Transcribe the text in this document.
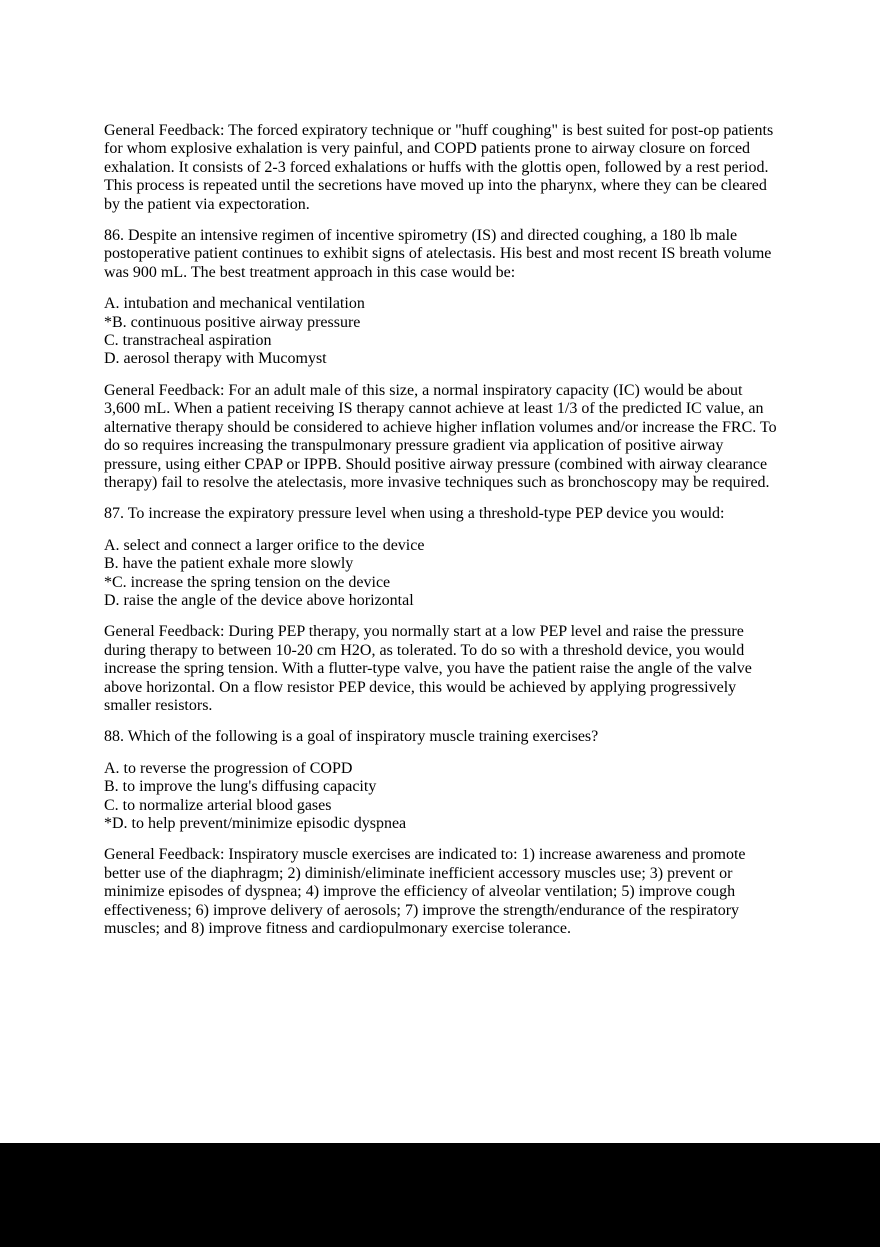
General Feedback: The forced expiratory technique or "huff coughing" is best suited for post-op patients for whom explosive exhalation is very painful, and COPD patients prone to airway closure on forced exhalation. It consists of 2-3 forced exhalations or huffs with the glottis open, followed by a rest period. This process is repeated until the secretions have moved up into the pharynx, where they can be cleared by the patient via expectoration.

86. Despite an intensive regimen of incentive spirometry (IS) and directed coughing, a 180 lb male postoperative patient continues to exhibit signs of atelectasis. His best and most recent IS breath volume was 900 mL. The best treatment approach in this case would be:

A. intubation and mechanical ventilation
*B. continuous positive airway pressure
C. transtracheal aspiration
D. aerosol therapy with Mucomyst

General Feedback: For an adult male of this size, a normal inspiratory capacity (IC) would be about 3,600 mL. When a patient receiving IS therapy cannot achieve at least 1/3 of the predicted IC value, an alternative therapy should be considered to achieve higher inflation volumes and/or increase the FRC. To do so requires increasing the transpulmonary pressure gradient via application of positive airway pressure, using either CPAP or IPPB. Should positive airway pressure (combined with airway clearance therapy) fail to resolve the atelectasis, more invasive techniques such as bronchoscopy may be required.

87. To increase the expiratory pressure level when using a threshold-type PEP device you would:

A. select and connect a larger orifice to the device
B. have the patient exhale more slowly
*C. increase the spring tension on the device
D. raise the angle of the device above horizontal

General Feedback: During PEP therapy, you normally start at a low PEP level and raise the pressure during therapy to between 10-20 cm H2O, as tolerated. To do so with a threshold device, you would increase the spring tension. With a flutter-type valve, you have the patient raise the angle of the valve above horizontal. On a flow resistor PEP device, this would be achieved by applying progressively smaller resistors.

88. Which of the following is a goal of inspiratory muscle training exercises?

A. to reverse the progression of COPD
B. to improve the lung's diffusing capacity
C. to normalize arterial blood gases
*D. to help prevent/minimize episodic dyspnea

General Feedback: Inspiratory muscle exercises are indicated to: 1) increase awareness and promote better use of the diaphragm; 2) diminish/eliminate inefficient accessory muscles use; 3) prevent or minimize episodes of dyspnea; 4) improve the efficiency of alveolar ventilation; 5) improve cough effectiveness; 6) improve delivery of aerosols; 7) improve the strength/endurance of the respiratory muscles; and 8) improve fitness and cardiopulmonary exercise tolerance.
